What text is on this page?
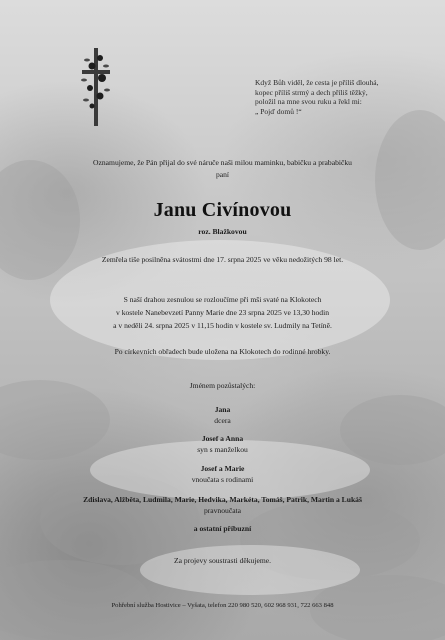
Když Bůh viděl, že cesta je příliš dlouhá,
kopec příliš strmý a dech příliš těžký,
položil na mne svou ruku a řekl mi:
„ Pojď domů !“
Oznamujeme, že Pán přijal do své náruče naši milou maminku, babičku a prababičku
paní
Janu Civínovou
roz. Blažkovou
Zemřela tiše posilněna svátostmi dne 17. srpna 2025 ve věku nedožitých 98 let.
S naší drahou zesnulou se rozloučíme při mši svaté na Klokotech
v kostele Nanebevzetí Panny Marie dne 23 srpna 2025 ve 13,30 hodin
a v neděli 24. srpna 2025 v 11,15 hodin v kostele sv. Ludmily na Tetíně.
Po církevních obřadech bude uložena na Klokotech do rodinné hrobky.
Jménem pozůstalých:
Jana
dcera
Josef a Anna
syn s manželkou
Josef a Marie
vnoučata s rodinami
Zdislava, Alžběta, Ludmila, Marie, Hedvika, Markéta, Tomáš, Patrik, Martin a Lukáš
pravnoučata
a ostatní příbuzní
Za projevy soustrasti děkujeme.
Pohřební služba Hostivice – Vyšata, telefon 220 980 520, 602 968 931, 722 663 848
